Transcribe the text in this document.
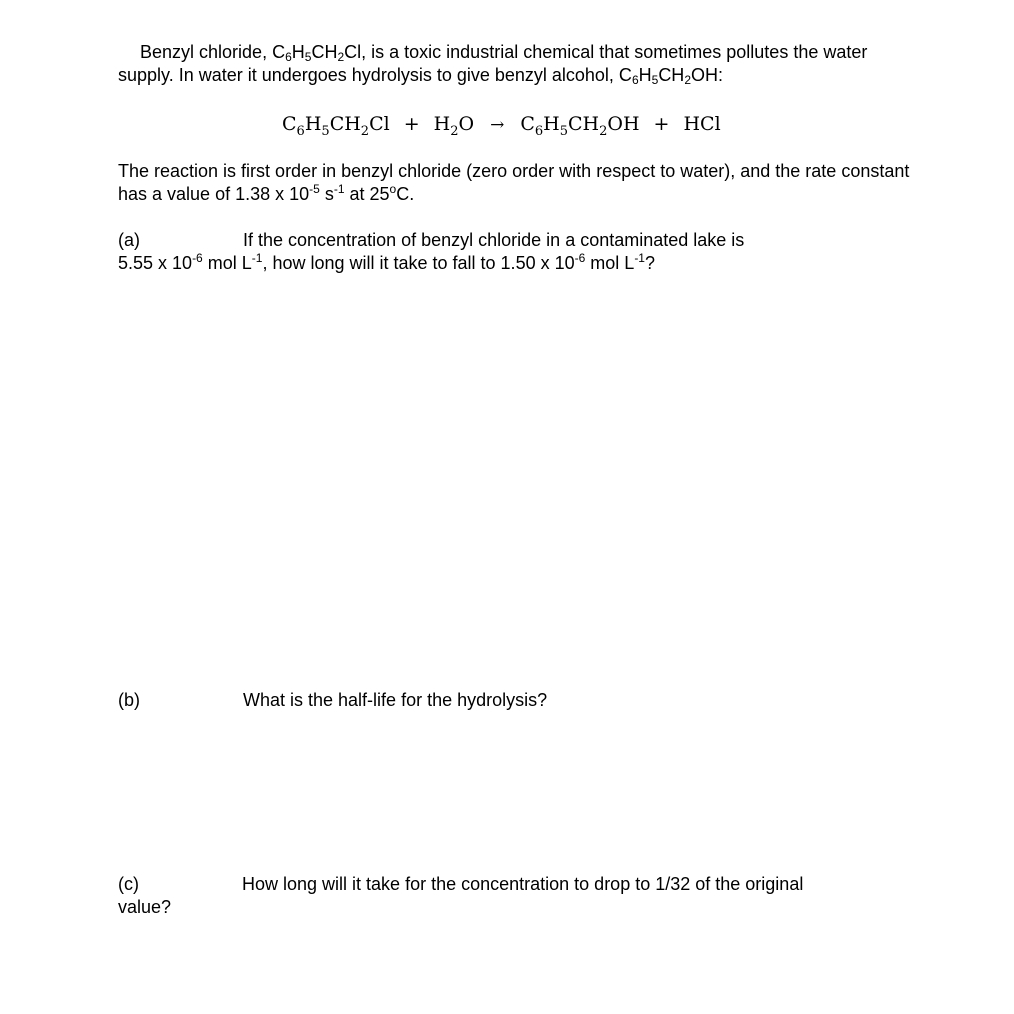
Benzyl chloride, $C_6H_5CH_2Cl$, is a toxic industrial chemical that sometimes pollutes the water supply. In water it undergoes hydrolysis to give benzyl alcohol, $C_6H_5CH_2OH$:

$C_6H_5CH_2Cl + H_2O \to C_6H_5CH_2OH$ + HCl

The reaction is first order in benzyl chloride (zero order with respect to water), and the rate constant has a value of 1.38 x $10^{-5}$ $s^{-1}$ at 25$^o$C.

(a)	If the concentration of benzyl chloride in a contaminated lake is
5.55 x $10^{-6}$ mol $L^{-1}$, how long will it take to fall to 1.50 x $10^{-6}$ mol $L^{-1}$?
(b)	What is the half-life for the hydrolysis?
(c)	How long will it take for the concentration to drop to 1/32 of the original
value?
